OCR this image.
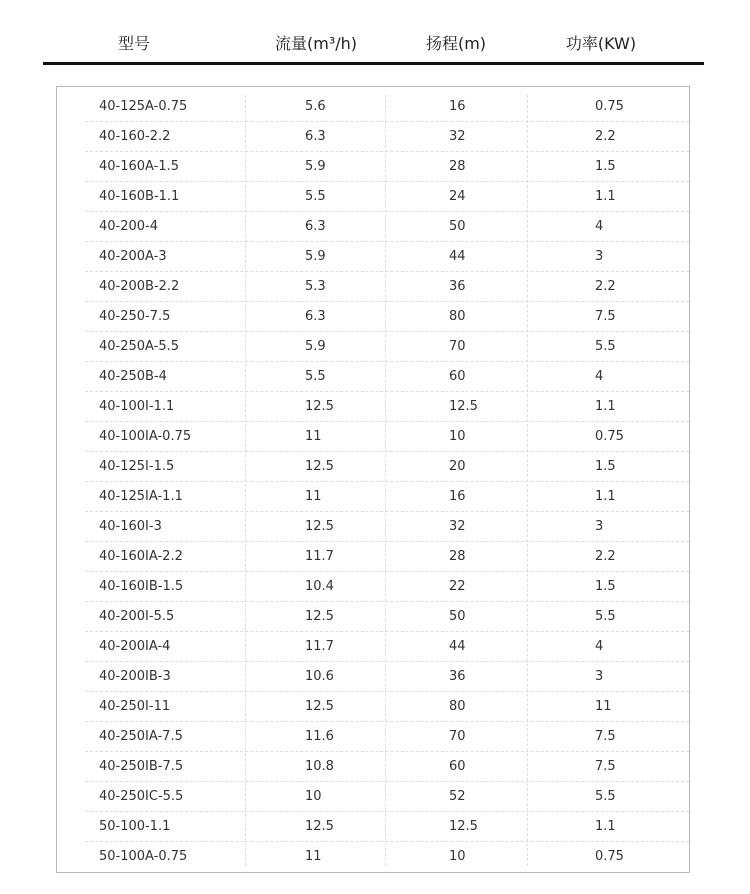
型号	流量(m³/h)	扬程(m)	功率(KW)
40-125A-0.75	5.6	16	0.75
40-160-2.2	6.3	32	2.2
40-160A-1.5	5.9	28	1.5
40-160B-1.1	5.5	24	1.1
40-200-4	6.3	50	4
40-200A-3	5.9	44	3
40-200B-2.2	5.3	36	2.2
40-250-7.5	6.3	80	7.5
40-250A-5.5	5.9	70	5.5
40-250B-4	5.5	60	4
40-100I-1.1	12.5	12.5	1.1
40-100IA-0.75	11	10	0.75
40-125I-1.5	12.5	20	1.5
40-125IA-1.1	11	16	1.1
40-160I-3	12.5	32	3
40-160IA-2.2	11.7	28	2.2
40-160IB-1.5	10.4	22	1.5
40-200I-5.5	12.5	50	5.5
40-200IA-4	11.7	44	4
40-200IB-3	10.6	36	3
40-250I-11	12.5	80	11
40-250IA-7.5	11.6	70	7.5
40-250IB-7.5	10.8	60	7.5
40-250IC-5.5	10	52	5.5
50-100-1.1	12.5	12.5	1.1
50-100A-0.75	11	10	0.75
